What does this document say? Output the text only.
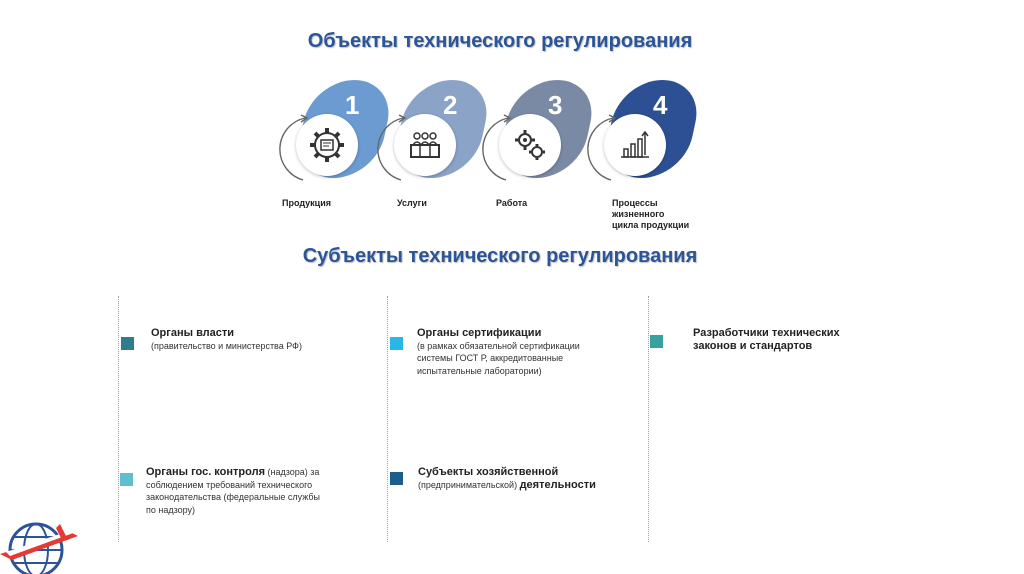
Объекты технического регулирования
1
Продукция
2
Услуги
3
Работа
4
Процессы
жизненного
цикла продукции
Субъекты технического регулирования
Органы власти
(правительство и министерства РФ)
Органы сертификации
(в рамках обязательной сертификации
системы ГОСТ Р, аккредитованные
испытательные лаборатории)
Разработчики технических
законов и стандартов
Органы гос. контроля (надзора) за
соблюдением требований технического
законодательства (федеральные службы
по надзору)
Субъекты хозяйственной
(предпринимательской) деятельности
